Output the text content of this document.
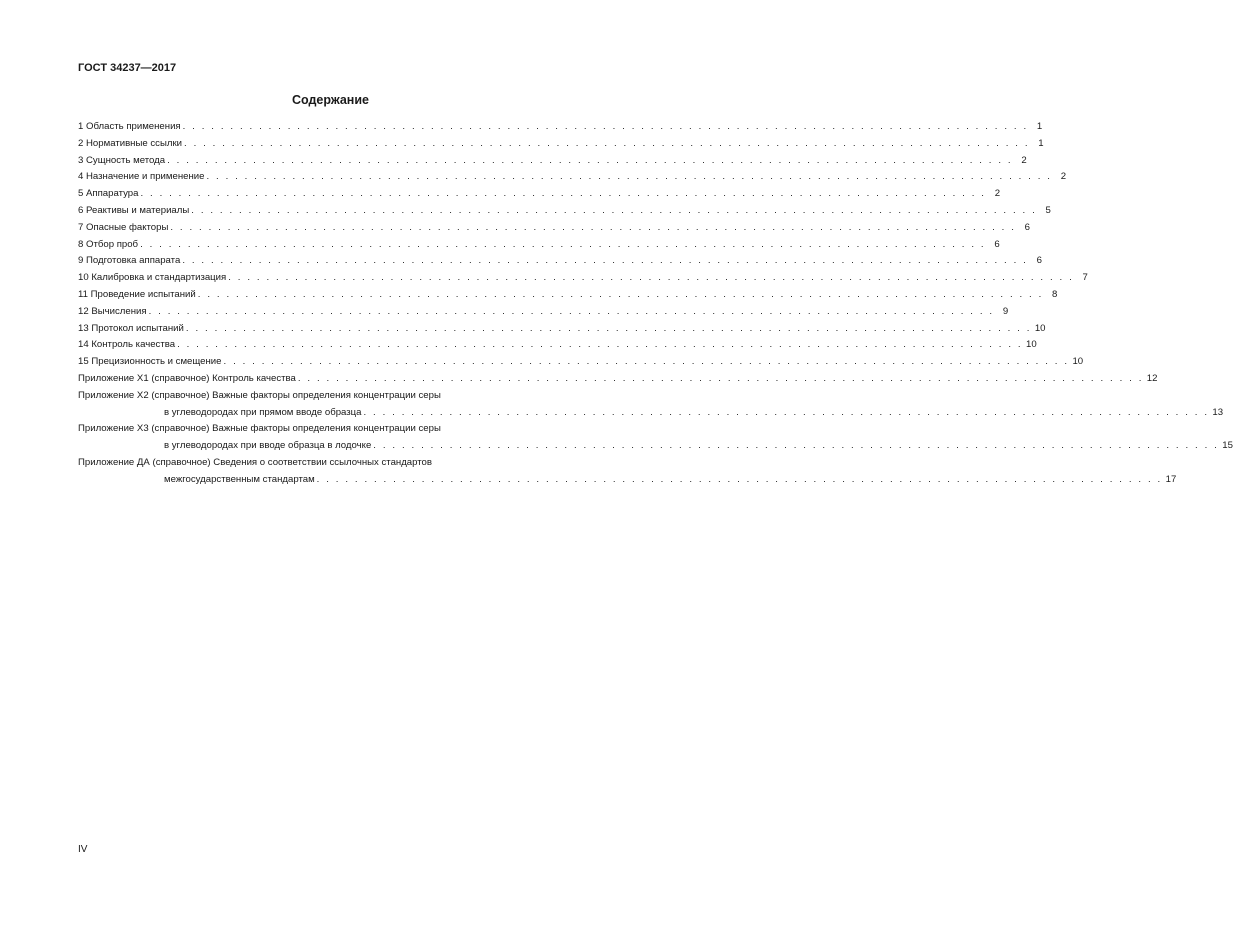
ГОСТ 34237—2017
Содержание
1 Область применения . . . . . . . . . . . . . . . . . . . . . . . . . . . . . . . . . . . . . . . . . . . . . . . . . . . . . . . . . . . . . . . . . . . . . . . . . . . . . . . . . . . . . . . . . 1
2 Нормативные ссылки . . . . . . . . . . . . . . . . . . . . . . . . . . . . . . . . . . . . . . . . . . . . . . . . . . . . . . . . . . . . . . . . . . . . . . . . . . . . . . . . . . . . . . . . . 1
3 Сущность метода . . . . . . . . . . . . . . . . . . . . . . . . . . . . . . . . . . . . . . . . . . . . . . . . . . . . . . . . . . . . . . . . . . . . . . . . . . . . . . . . . . . . . . . . . 2
4 Назначение и применение . . . . . . . . . . . . . . . . . . . . . . . . . . . . . . . . . . . . . . . . . . . . . . . . . . . . . . . . . . . . . . . . . . . . . . . . . . . . . . . . . . . . . . . . . 2
5 Аппаратура . . . . . . . . . . . . . . . . . . . . . . . . . . . . . . . . . . . . . . . . . . . . . . . . . . . . . . . . . . . . . . . . . . . . . . . . . . . . . . . . . . . . . . . . . 2
6 Реактивы и материалы . . . . . . . . . . . . . . . . . . . . . . . . . . . . . . . . . . . . . . . . . . . . . . . . . . . . . . . . . . . . . . . . . . . . . . . . . . . . . . . . . . . . . . . . . 5
7 Опасные факторы . . . . . . . . . . . . . . . . . . . . . . . . . . . . . . . . . . . . . . . . . . . . . . . . . . . . . . . . . . . . . . . . . . . . . . . . . . . . . . . . . . . . . . . . . 6
8 Отбор проб . . . . . . . . . . . . . . . . . . . . . . . . . . . . . . . . . . . . . . . . . . . . . . . . . . . . . . . . . . . . . . . . . . . . . . . . . . . . . . . . . . . . . . . . . 6
9 Подготовка аппарата . . . . . . . . . . . . . . . . . . . . . . . . . . . . . . . . . . . . . . . . . . . . . . . . . . . . . . . . . . . . . . . . . . . . . . . . . . . . . . . . . . . . . . . . . 6
10 Калибровка и стандартизация . . . . . . . . . . . . . . . . . . . . . . . . . . . . . . . . . . . . . . . . . . . . . . . . . . . . . . . . . . . . . . . . . . . . . . . . . . . . . . . . . . . . . . . . . 7
11 Проведение испытаний . . . . . . . . . . . . . . . . . . . . . . . . . . . . . . . . . . . . . . . . . . . . . . . . . . . . . . . . . . . . . . . . . . . . . . . . . . . . . . . . . . . . . . . . . 8
12 Вычисления . . . . . . . . . . . . . . . . . . . . . . . . . . . . . . . . . . . . . . . . . . . . . . . . . . . . . . . . . . . . . . . . . . . . . . . . . . . . . . . . . . . . . . . . . 9
13 Протокол испытаний . . . . . . . . . . . . . . . . . . . . . . . . . . . . . . . . . . . . . . . . . . . . . . . . . . . . . . . . . . . . . . . . . . . . . . . . . . . . . . . . . . . . . . . . . 10
14 Контроль качества . . . . . . . . . . . . . . . . . . . . . . . . . . . . . . . . . . . . . . . . . . . . . . . . . . . . . . . . . . . . . . . . . . . . . . . . . . . . . . . . . . . . . . . . . 10
15 Прецизионность и смещение . . . . . . . . . . . . . . . . . . . . . . . . . . . . . . . . . . . . . . . . . . . . . . . . . . . . . . . . . . . . . . . . . . . . . . . . . . . . . . . . . . . . . . . . . 10
Приложение Х1 (справочное) Контроль качества . . . . . . . . . . . . . . . . . . . . . . . . . . . . . . . . . . . . . . . . . . . . . . . . . . . . . . . . . . . . . . . . . . . . . . . . . . . . . . . . . . . . . . . . . 12
Приложение Х2 (справочное) Важные факторы определения концентрации серы
в углеводородах при прямом вводе образца . . . . . . . . . . . . . . . . . . . . . . . . . . . . . . . . . . . . . . . . . . . . . . . . . . . . . . . . . . . . . . . . . . . . . . . . . . . . . . . . . . . . . . . . . 13
Приложение Х3 (справочное) Важные факторы определения концентрации серы
в углеводородах при вводе образца в лодочке . . . . . . . . . . . . . . . . . . . . . . . . . . . . . . . . . . . . . . . . . . . . . . . . . . . . . . . . . . . . . . . . . . . . . . . . . . . . . . . . . . . . . . . . . 15
Приложение ДА (справочное) Сведения о соответствии ссылочных стандартов
межгосударственным стандартам . . . . . . . . . . . . . . . . . . . . . . . . . . . . . . . . . . . . . . . . . . . . . . . . . . . . . . . . . . . . . . . . . . . . . . . . . . . . . . . . . . . . . . . . . 17
IV
